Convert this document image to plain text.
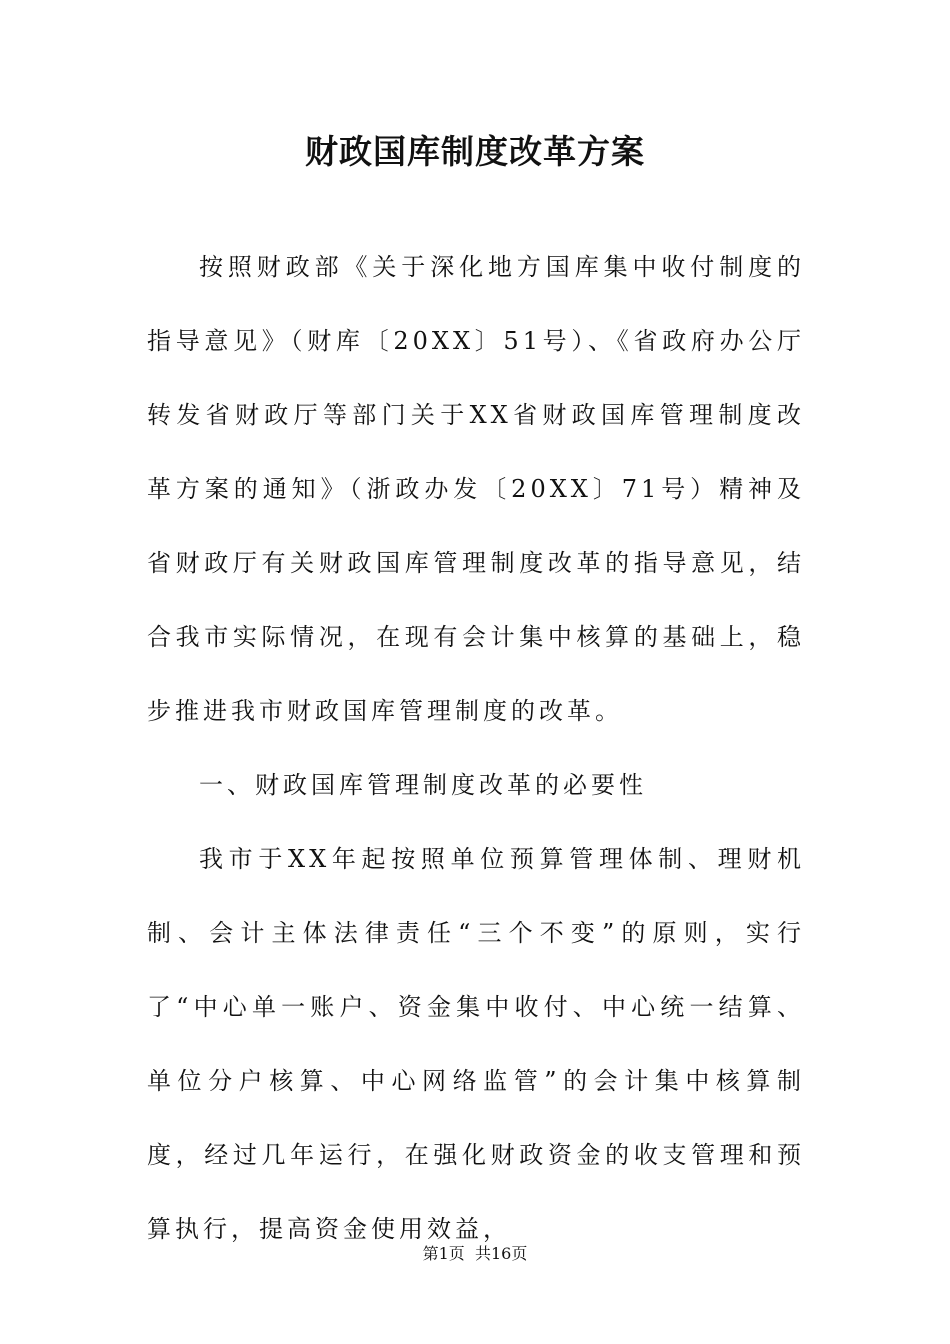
财政国库制度改革方案

按照财政部《关于深化地方国库集中收付制度的指导意见》（财库〔20XX〕51号）、《省政府办公厅转发省财政厅等部门关于XX省财政国库管理制度改革方案的通知》（浙政办发〔20XX〕71号）精神及省财政厅有关财政国库管理制度改革的指导意见，结合我市实际情况，在现有会计集中核算的基础上，稳步推进我市财政国库管理制度的改革。

一、财政国库管理制度改革的必要性

我市于XX年起按照单位预算管理体制、理财机制、会计主体法律责任“三个不变”的原则，实行了“中心单一账户、资金集中收付、中心统一结算、单位分户核算、中心网络监管”的会计集中核算制度，经过几年运行，在强化财政资金的收支管理和预算执行，提高资金使用效益，

第1页 共16页
